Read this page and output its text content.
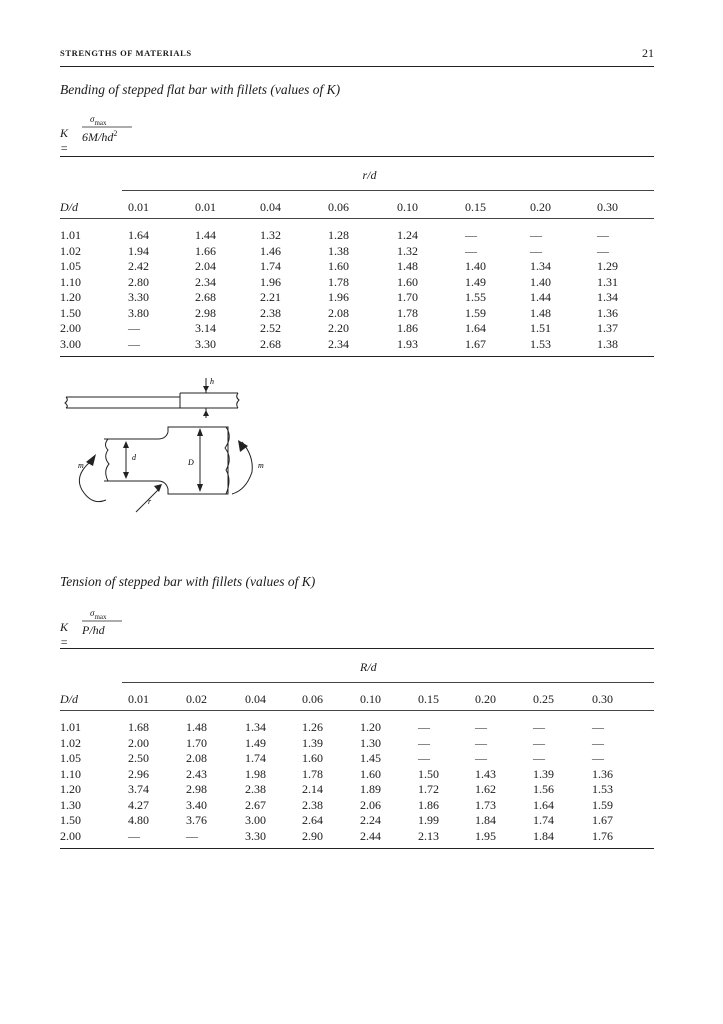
STRENGTHS OF MATERIALS	21
Bending of stepped flat bar with fillets (values of K)
K =
$\sigma_{max}$
$6M/hd^2$
r/d
D/d	0.01	0.01	0.04	0.06	0.10	0.15	0.20	0.30
1.01	1.64	1.44	1.32	1.28	1.24	—	—	—
1.02	1.94	1.66	1.46	1.38	1.32	—	—	—
1.05	2.42	2.04	1.74	1.60	1.48	1.40	1.34	1.29
1.10	2.80	2.34	1.96	1.78	1.60	1.49	1.40	1.31
1.20	3.30	2.68	2.21	1.96	1.70	1.55	1.44	1.34
1.50	3.80	2.98	2.38	2.08	1.78	1.59	1.48	1.36
2.00	—	3.14	2.52	2.20	1.86	1.64	1.51	1.37
3.00	—	3.30	2.68	2.34	1.93	1.67	1.53	1.38
h
m
d
D	m
r
Tension of stepped bar with fillets (values of K)
K =
$\sigma_{max}$
P/hd
R/d
D/d	0.01	0.02	0.04	0.06	0.10	0.15	0.20	0.25	0.30
1.01	1.68	1.48	1.34	1.26	1.20	—	—	—	—
1.02	2.00	1.70	1.49	1.39	1.30	—	—	—	—
1.05	2.50	2.08	1.74	1.60	1.45	—	—	—	—
1.10	2.96	2.43	1.98	1.78	1.60	1.50	1.43	1.39	1.36
1.20	3.74	2.98	2.38	2.14	1.89	1.72	1.62	1.56	1.53
1.30	4.27	3.40	2.67	2.38	2.06	1.86	1.73	1.64	1.59
1.50	4.80	3.76	3.00	2.64	2.24	1.99	1.84	1.74	1.67
2.00	—	—	3.30	2.90	2.44	2.13	1.95	1.84	1.76
